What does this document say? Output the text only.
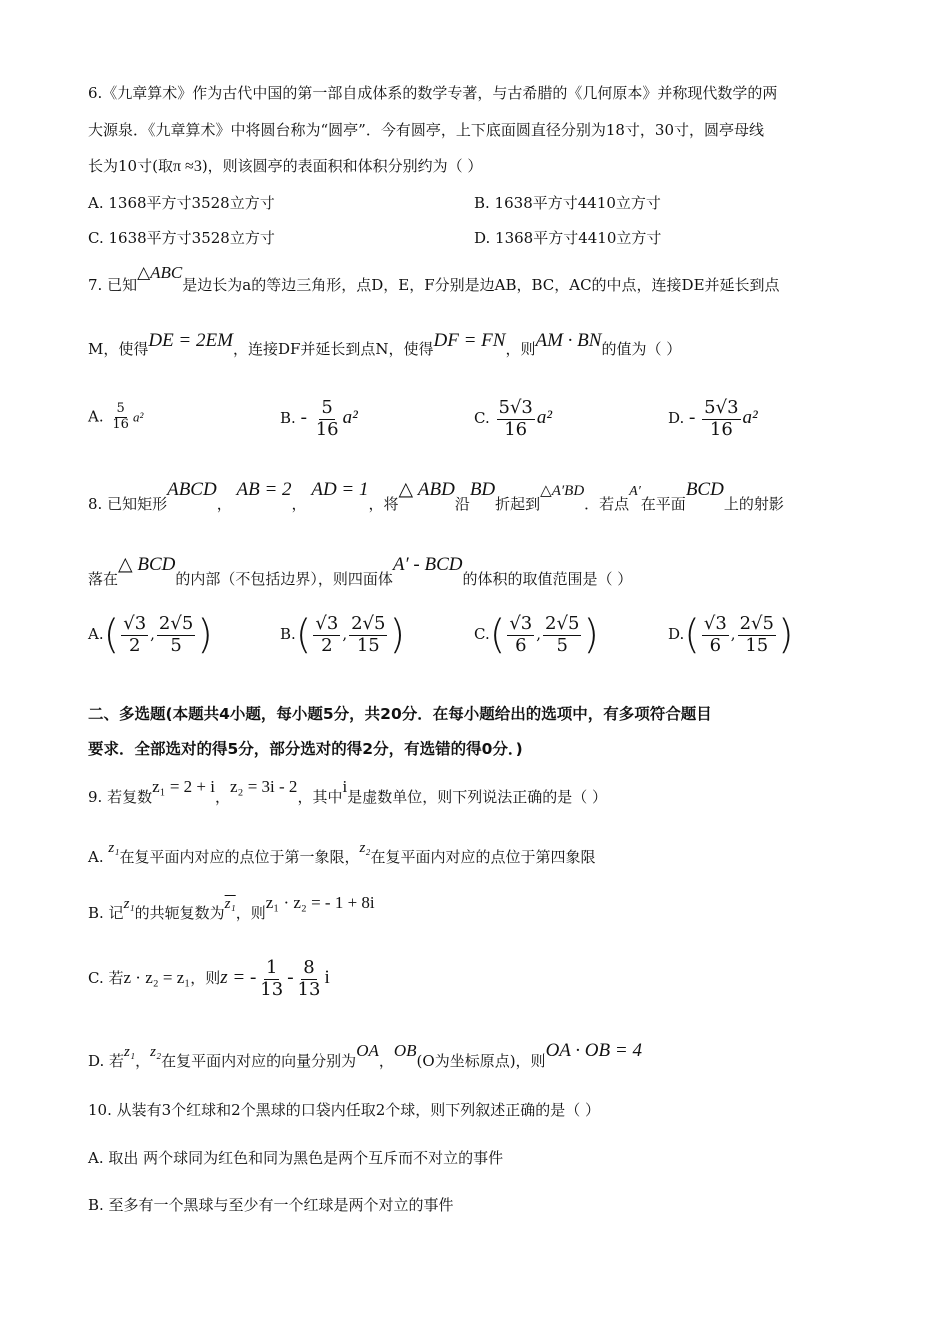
6.《九章算术》作为古代中国的第一部自成体系的数学专著，与古希腊的《几何原本》并称现代数学的两
大源泉．《九章算术》中将圆台称为“圆亭”．今有圆亭，上下底面圆直径分别为18寸，30寸，圆亭母线
长为10寸(取π ≈3)，则该圆亭的表面积和体积分别约为（ ）
A. 1368平方寸3528立方寸	B. 1638平方寸4410立方寸
C. 1638平方寸3528立方寸	D. 1368平方寸4410立方寸
7. 已知△ABC是边长为a的等边三角形，点D，E，F分别是边AB，BC，AC的中点，连接DE并延长到点
M，使得DE = 2EM，连接DF并延长到点N，使得DF = FN，则AM · BN的值为（ ）
A. $\frac{5}{16} a^2$	B. - $\frac{5}{16} a^2$	C. $\frac{5√3}{16} a^2$	D. - $\frac{5√3}{16} a^2$
8. 已知矩形ABCD， AB = 2， AD = 1，将△ ABD沿BD折起到△A′BD．若点A′在平面BCD上的射影
落在△ BCD的内部（不包括边界），则四面体A′ - BCD的体积的取值范围是（ ）
$A.( \frac{√3}{2}$ , $\frac{2√5}{5}$ )	$B.( \frac{√3}{2}$ , $\frac{2√5}{15}$ )	$C.( \frac{√3}{6}$ , $\frac{2√5}{5}$ )	$D.( \frac{√3}{6}$ , $\frac{2√5}{15}$ )
二、多选题(本题共4小题，每小题5分，共20分．在每小题给出的选项中，有多项符合题目
要求．全部选对的得5分，部分选对的得2分，有选错的得0分．)
9. 若复数z₁ = 2 + i，z₂ = 3i - 2，其中i是虚数单位，则下列说法正确的是（ ）
A. z₁在复平面内对应的点位于第一象限，z₂在复平面内对应的点位于第四象限
B. 记z₁的共轭复数为z₁，则z₁ · z₂ = - 1 + 8i
C. 若z · z₂ = z₁，则z = - $\frac{1}{13} - \frac{8}{13}$ i
D. 若z₁，z₂在复平面内对应的向量分别为OA，OB(O为坐标原点)，则OA · OB = 4
10. 从装有3个红球和2个黑球的口袋内任取2个球，则下列叙述正确的是（ ）
A. 取出 两个球同为红色和同为黑色是两个互斥而不对立的事件
B. 至多有一个黑球与至少有一个红球是两个对立的事件
